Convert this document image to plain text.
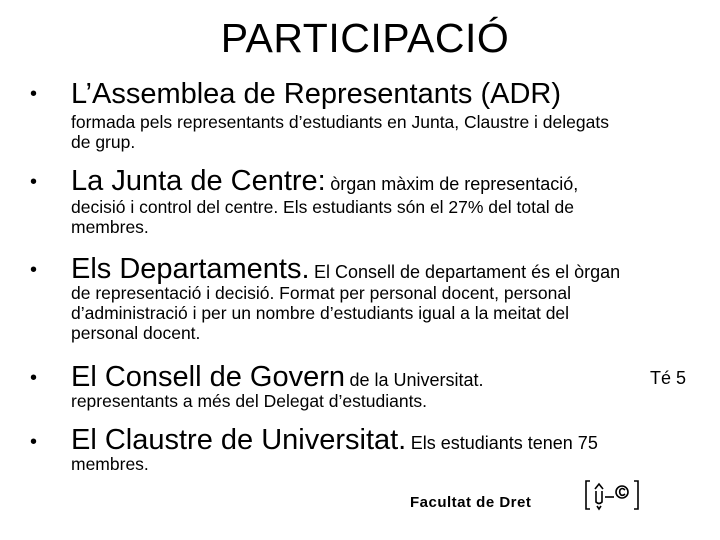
PARTICIPACIÓ
• L’Assemblea de Representants (ADR)
formada pels representants d’estudiants en Junta, Claustre i delegats
de grup.
• La Junta de Centre: òrgan màxim de representació,
decisió i control del centre. Els estudiants són el 27% del total de
membres.
• Els Departaments. El Consell de departament és el òrgan
de representació i decisió. Format per personal docent, personal
d’administració i per un nombre d’estudiants igual a la meitat del
personal docent.
• El Consell de Govern de la Universitat.	Té 5
representants a més del Delegat d’estudiants.
• El Claustre de Universitat. Els estudiants tenen 75
membres.
Facultat de Dret
